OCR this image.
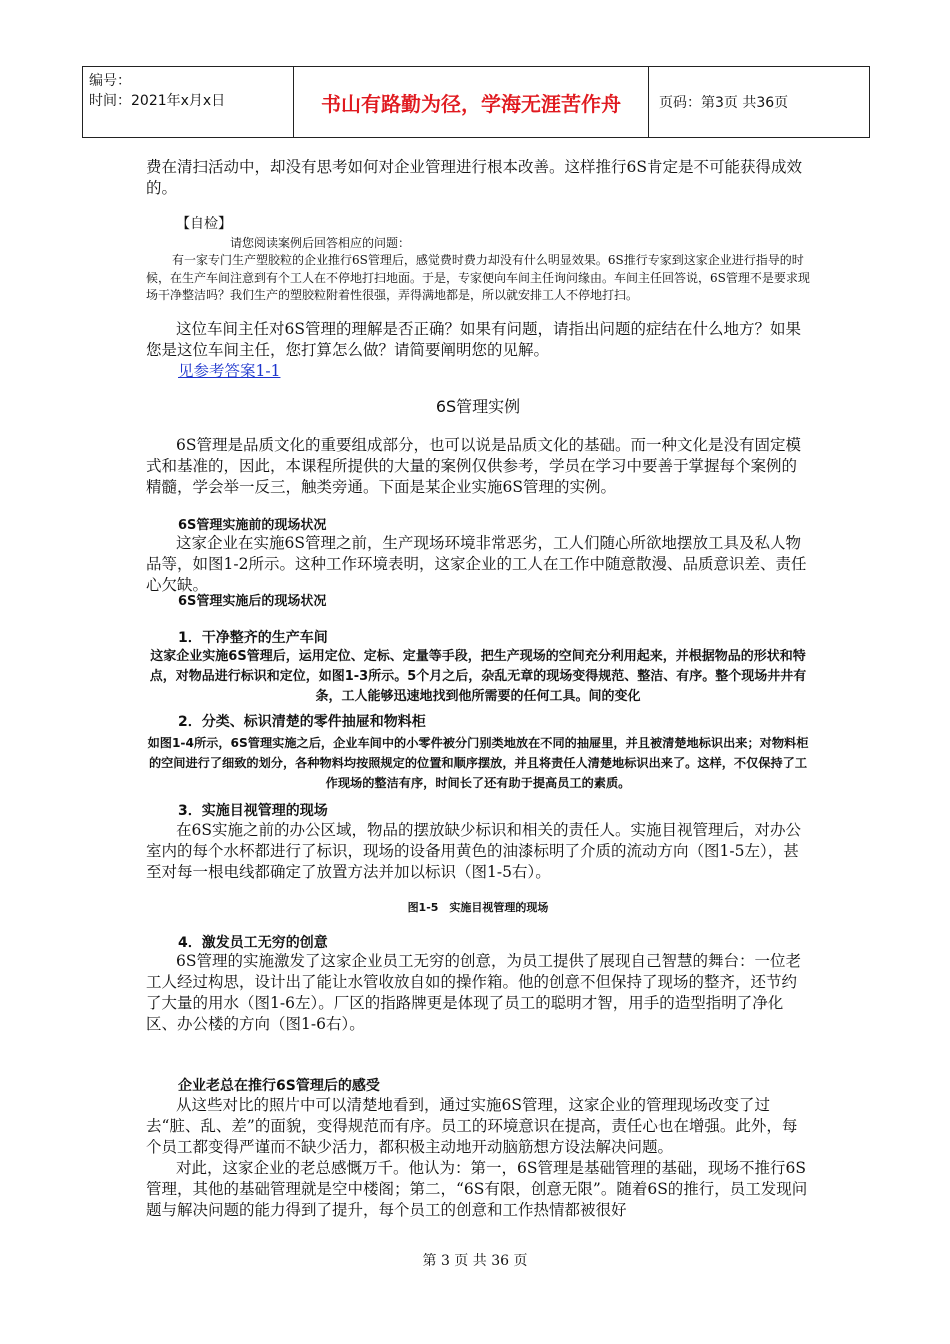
编号：
时间：2021年x月x日	书山有路勤为径，学海无涯苦作舟	页码：第3页 共36页

费在清扫活动中，却没有思考如何对企业管理进行根本改善。这样推行6S肯定是不可能获得成效的。

【自检】

请您阅读案例后回答相应的问题：

有一家专门生产塑胶粒的企业推行6S管理后，感觉费时费力却没有什么明显效果。6S推行专家到这家企业进行指导的时候，在生产车间注意到有个工人在不停地打扫地面。于是，专家便向车间主任询问缘由。车间主任回答说，6S管理不是要求现场干净整洁吗？我们生产的塑胶粒附着性很强，弄得满地都是，所以就安排工人不停地打扫。

这位车间主任对6S管理的理解是否正确？如果有问题，请指出问题的症结在什么地方？如果您是这位车间主任，您打算怎么做？请简要阐明您的见解。

见参考答案1-1

6S管理实例

6S管理是品质文化的重要组成部分，也可以说是品质文化的基础。而一种文化是没有固定模式和基准的，因此，本课程所提供的大量的案例仅供参考，学员在学习中要善于掌握每个案例的精髓，学会举一反三，触类旁通。下面是某企业实施6S管理的实例。

6S管理实施前的现场状况

这家企业在实施6S管理之前，生产现场环境非常恶劣，工人们随心所欲地摆放工具及私人物品等，如图1-2所示。这种工作环境表明，这家企业的工人在工作中随意散漫、品质意识差、责任心欠缺。

6S管理实施后的现场状况

1．干净整齐的生产车间

这家企业实施6S管理后，运用定位、定标、定量等手段，把生产现场的空间充分利用起来，并根据物品的形状和特点，对物品进行标识和定位，如图1-3所示。5个月之后，杂乱无章的现场变得规范、整洁、有序。整个现场井井有条，工人能够迅速地找到他所需要的任何工具。间的变化

2．分类、标识清楚的零件抽屉和物料柜

如图1-4所示，6S管理实施之后，企业车间中的小零件被分门别类地放在不同的抽屉里，并且被清楚地标识出来；对物料柜的空间进行了细致的划分，各种物料均按照规定的位置和顺序摆放，并且将责任人清楚地标识出来了。这样，不仅保持了工作现场的整洁有序，时间长了还有助于提高员工的素质。

3．实施目视管理的现场

在6S实施之前的办公区域，物品的摆放缺少标识和相关的责任人。实施目视管理后，对办公室内的每个水杯都进行了标识，现场的设备用黄色的油漆标明了介质的流动方向（图1-5左），甚至对每一根电线都确定了放置方法并加以标识（图1-5右）。

图1-5　实施目视管理的现场

4．激发员工无穷的创意

6S管理的实施激发了这家企业员工无穷的创意，为员工提供了展现自己智慧的舞台：一位老工人经过构思，设计出了能让水管收放自如的操作箱。他的创意不但保持了现场的整齐，还节约了大量的用水（图1-6左）。厂区的指路牌更是体现了员工的聪明才智，用手的造型指明了净化区、办公楼的方向（图1-6右）。

企业老总在推行6S管理后的感受

从这些对比的照片中可以清楚地看到，通过实施6S管理，这家企业的管理现场改变了过去“脏、乱、差”的面貌，变得规范而有序。员工的环境意识在提高，责任心也在增强。此外，每个员工都变得严谨而不缺少活力，都积极主动地开动脑筋想方设法解决问题。

对此，这家企业的老总感慨万千。他认为：第一，6S管理是基础管理的基础，现场不推行6S管理，其他的基础管理就是空中楼阁；第二，“6S有限，创意无限”。随着6S的推行，员工发现问题与解决问题的能力得到了提升，每个员工的创意和工作热情都被很好

第 3 页 共 36 页
